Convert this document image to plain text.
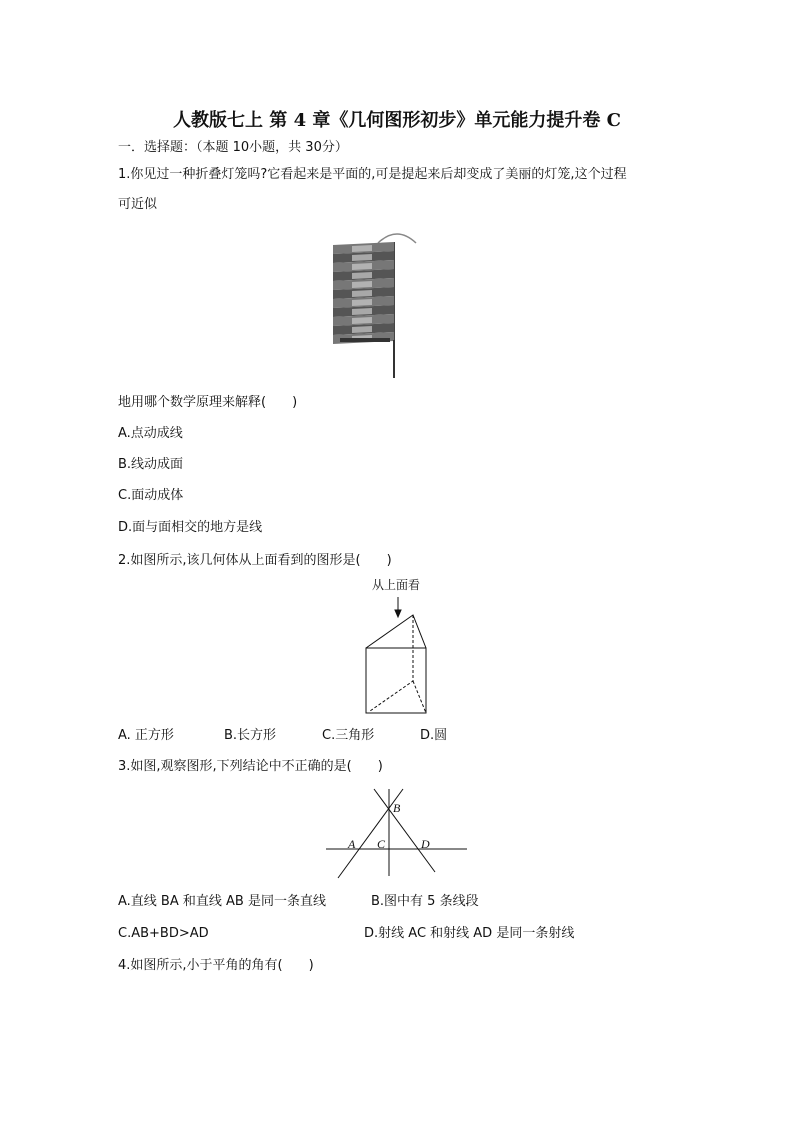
人教版七上 第 4 章《几何图形初步》单元能力提升卷 C
一．选择题：（本题 10小题，共 30分）
1.你见过一种折叠灯笼吗?它看起来是平面的,可是提起来后却变成了美丽的灯笼,这个过程
可近似
从上面看
A
B
C	D
地用哪个数学原理来解释(　　)
A.点动成线
B.线动成面
C.面动成体
D.面与面相交的地方是线
2.如图所示,该几何体从上面看到的图形是(　　)
A. 正方形	B.长方形	C.三角形	D.圆
3.如图,观察图形,下列结论中不正确的是(　　)
A.直线 BA 和直线 AB 是同一条直线	B.图中有 5 条线段
C.AB+BD>AD	D.射线 AC 和射线 AD 是同一条射线
4.如图所示,小于平角的角有(　　)
